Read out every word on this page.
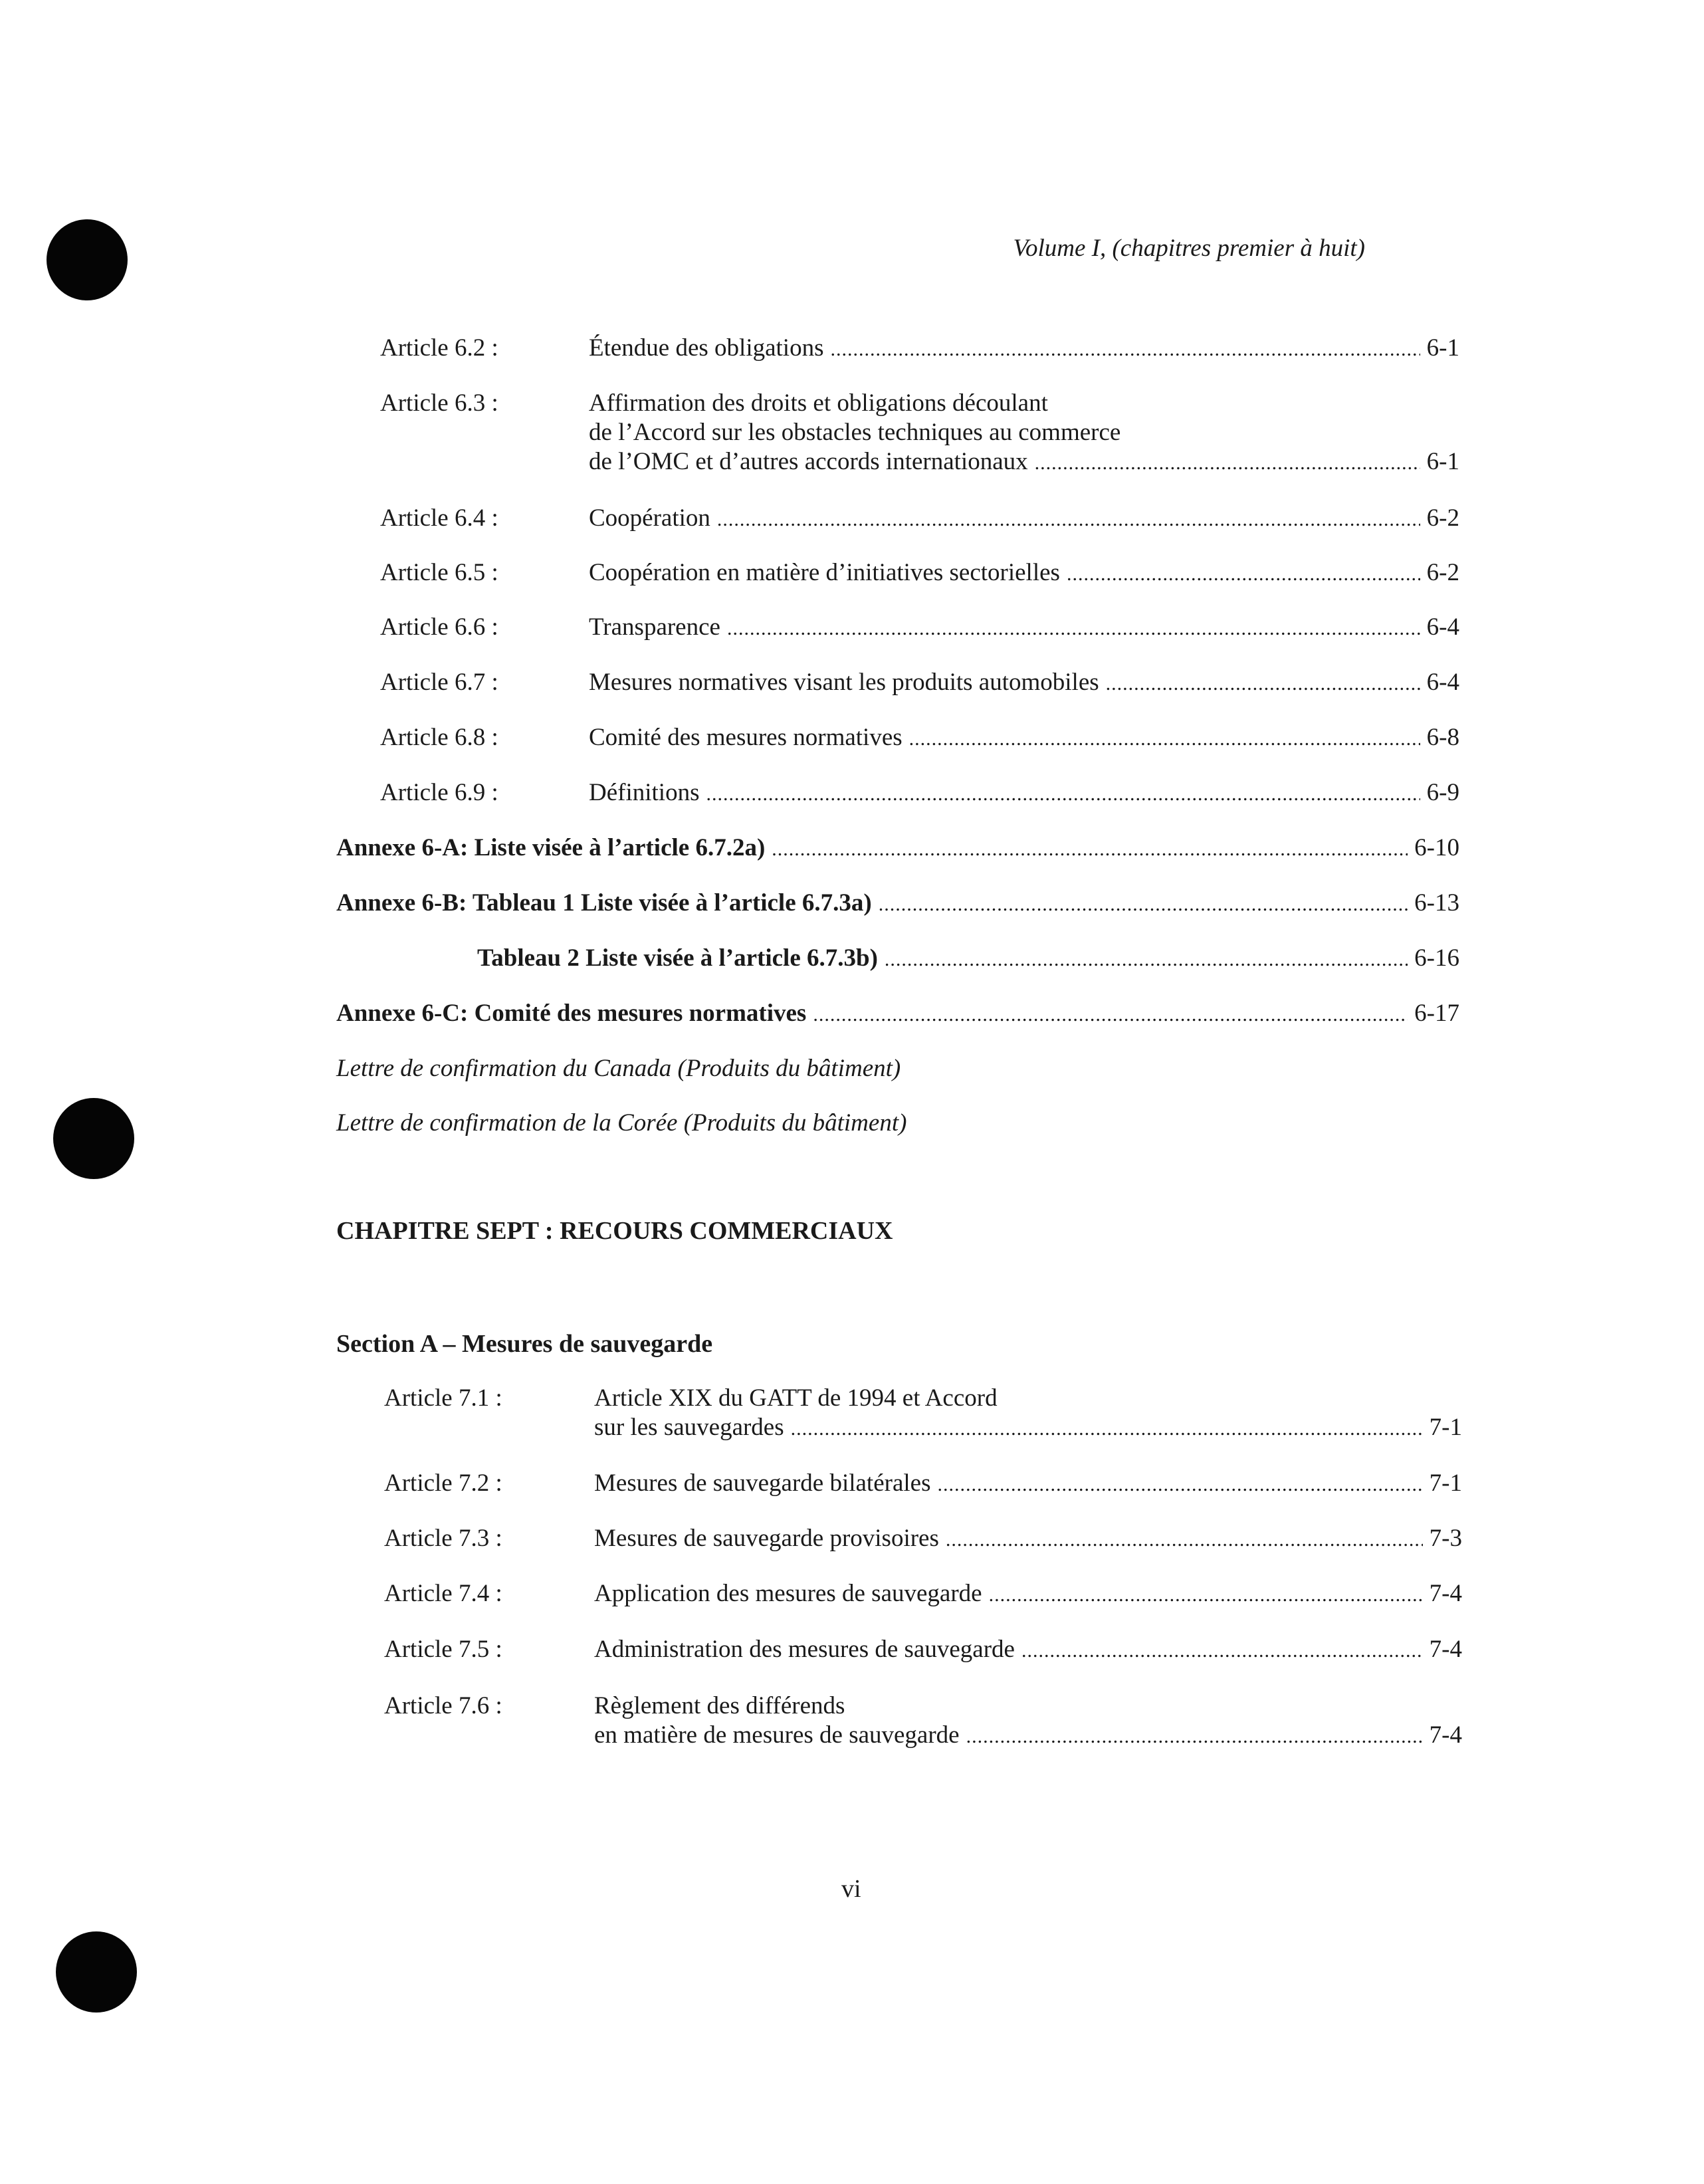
Volume I, (chapitres premier à huit)
Article 6.2 :	Étendue des obligations .....	6-1
Article 6.3 :	Affirmation des droits et obligations découlant
de l’Accord sur les obstacles techniques au commerce
de l’OMC et d’autres accords internationaux .....	6-1
Article 6.4 :	Coopération .....	6-2
Article 6.5 :	Coopération en matière d’initiatives sectorielles .....	6-2
Article 6.6 :	Transparence .....	6-4
Article 6.7 :	Mesures normatives visant les produits automobiles .....	6-4
Article 6.8 :	Comité des mesures normatives .....	6-8
Article 6.9 :	Définitions .....	6-9
Annexe 6-A: Liste visée à l’article 6.7.2a) .....	6-10
Annexe 6-B: Tableau 1 Liste visée à l’article 6.7.3a) .....	6-13
Tableau 2 Liste visée à l’article 6.7.3b) .....	6-16
Annexe 6-C: Comité des mesures normatives .....	6-17
Lettre de confirmation du Canada (Produits du bâtiment)
Lettre de confirmation de la Corée (Produits du bâtiment)
CHAPITRE SEPT : RECOURS COMMERCIAUX
Section A – Mesures de sauvegarde
Article 7.1 :	Article XIX du GATT de 1994 et Accord
sur les sauvegardes .....	7-1
Article 7.2 :	Mesures de sauvegarde bilatérales .....	7-1
Article 7.3 :	Mesures de sauvegarde provisoires .....	7-3
Article 7.4 :	Application des mesures de sauvegarde .....	7-4
Article 7.5 :	Administration des mesures de sauvegarde .....	7-4
Article 7.6 :	Règlement des différends
en matière de mesures de sauvegarde .....	7-4
vi
